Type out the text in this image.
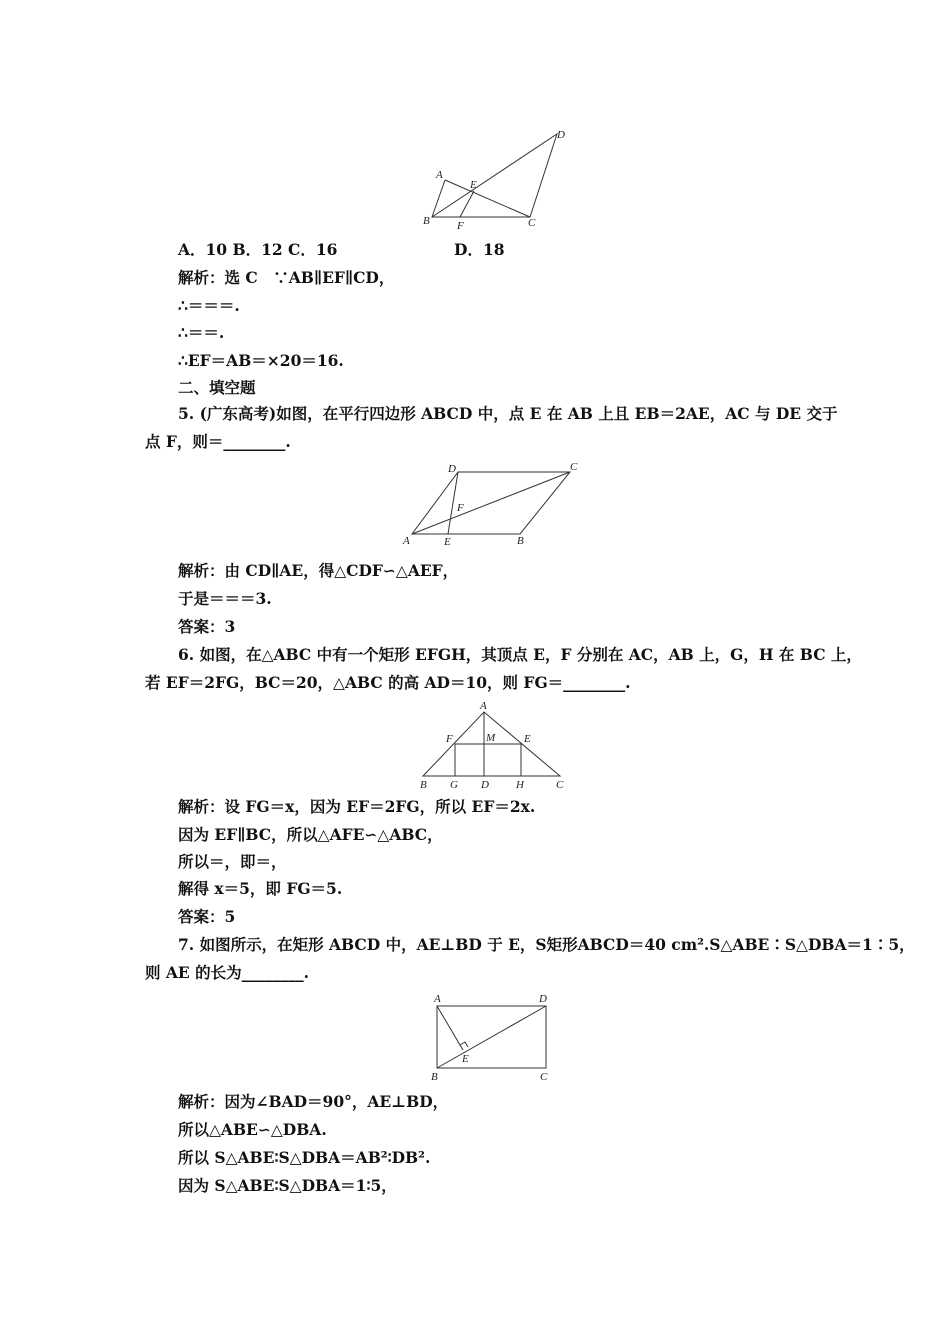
A
B	C
D
E
F
A．10 B．12 C．16	D．18
解析：选 C　∵AB∥EF∥CD，
∴＝＝＝.
∴＝＝.
∴EF＝AB＝×20＝16.
二、填空题
5. (广东高考)如图，在平行四边形 ABCD 中，点 E 在 AB 上且 EB＝2AE，AC 与 DE 交于
点 F，则＝________.
A	E	B
C
D
F
解析：由 CD∥AE，得△CDF∽△AEF，
于是＝＝＝3.
答案：3
6. 如图，在△ABC 中有一个矩形 EFGH，其顶点 E，F 分别在 AC，AB 上，G，H 在 BC 上，
若 EF＝2FG，BC＝20，△ABC 的高 AD＝10，则 FG＝________.
A
F	M	E
B G D H	C
解析：设 FG＝x，因为 EF＝2FG，所以 EF＝2x.
因为 EF∥BC，所以△AFE∽△ABC，
所以＝，即＝，
解得 x＝5，即 FG＝5.
答案：5
7. 如图所示，在矩形 ABCD 中，AE⊥BD 于 E，S矩形ABCD＝40 cm².S△ABE∶S△DBA＝1∶5，
则 AE 的长为________.
A	D
B	C
E
解析：因为∠BAD＝90°，AE⊥BD，
所以△ABE∽△DBA.
所以 S△ABE∶S△DBA＝AB²∶DB².
因为 S△ABE∶S△DBA＝1∶5，
